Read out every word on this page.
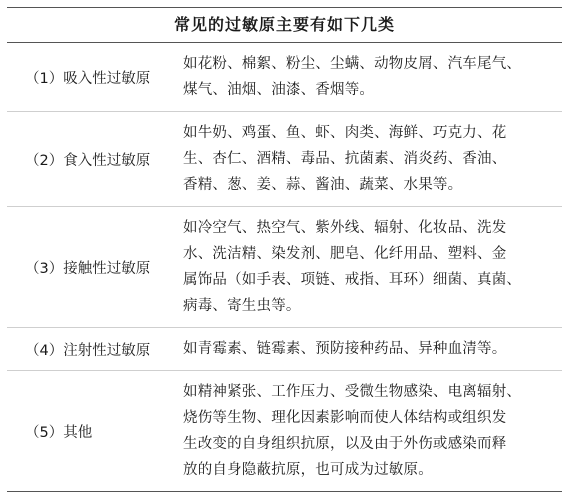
常见的过敏原主要有如下几类
（1）吸入性过敏原
如花粉、棉絮、粉尘、尘螨、动物皮屑、汽车尾气、
煤气、油烟、油漆、香烟等。
（2）食入性过敏原
如牛奶、鸡蛋、鱼、虾、肉类、海鲜、巧克力、花
生、杏仁、酒精、毒品、抗菌素、消炎药、香油、
香精、葱、姜、蒜、酱油、蔬菜、水果等。
（3）接触性过敏原
如冷空气、热空气、紫外线、辐射、化妆品、洗发
水、洗洁精、染发剂、肥皂、化纤用品、塑料、金
属饰品（如手表、项链、戒指、耳环）细菌、真菌、
病毒、寄生虫等。
（4）注射性过敏原	如青霉素、链霉素、预防接种药品、异种血清等。
（5）其他
如精神紧张、工作压力、受微生物感染、电离辐射、
烧伤等生物、理化因素影响而使人体结构或组织发
生改变的自身组织抗原，以及由于外伤或感染而释
放的自身隐蔽抗原，也可成为过敏原。
